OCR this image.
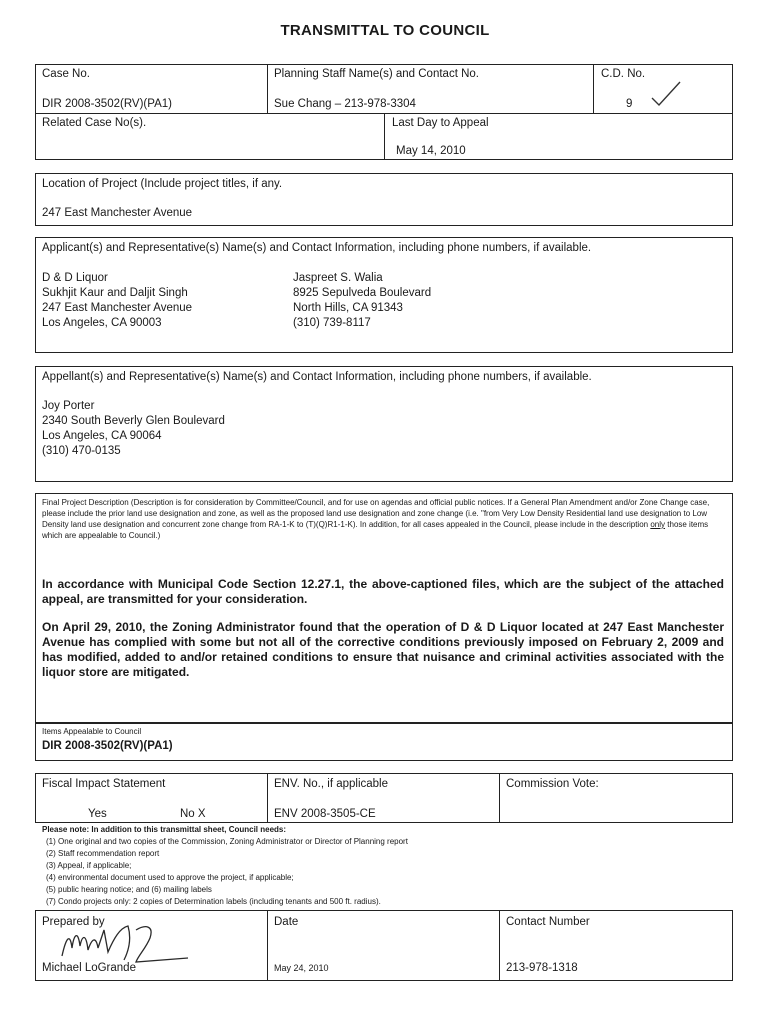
TRANSMITTAL TO COUNCIL
Case No.
DIR 2008-3502(RV)(PA1)
Planning Staff Name(s) and Contact No.
Sue Chang – 213-978-3304
C.D. No.
9
Related Case No(s).	Last Day to Appeal
May 14, 2010
Location of Project (Include project titles, if any.
247 East Manchester Avenue
Applicant(s) and Representative(s) Name(s) and Contact Information, including phone numbers, if available.
D & D Liquor
Sukhjit Kaur and Daljit Singh
247 East Manchester Avenue
Los Angeles, CA 90003
Jaspreet S. Walia
8925 Sepulveda Boulevard
North Hills, CA 91343
(310) 739-8117
Appellant(s) and Representative(s) Name(s) and Contact Information, including phone numbers, if available.
Joy Porter
2340 South Beverly Glen Boulevard
Los Angeles, CA 90064
(310) 470-0135
Final Project Description (Description is for consideration by Committee/Council, and for use on agendas and official public notices. If a General Plan Amendment and/or Zone Change case, please include the prior land use designation and zone, as well as the proposed land use designation and zone change (i.e. "from Very Low Density Residential land use designation to Low Density land use designation and concurrent zone change from RA-1-K to (T)(Q)R1-1-K). In addition, for all cases appealed in the Council, please include in the description only those items which are appealable to Council.)
In accordance with Municipal Code Section 12.27.1, the above-captioned files, which are the subject of the attached appeal, are transmitted for your consideration.
On April 29, 2010, the Zoning Administrator found that the operation of D & D Liquor located at 247 East Manchester Avenue has complied with some but not all of the corrective conditions previously imposed on February 2, 2009 and has modified, added to and/or retained conditions to ensure that nuisance and criminal activities associated with the liquor store are mitigated.
Items Appealable to Council
DIR 2008-3502(RV)(PA1)
Fiscal Impact Statement
Yes	No X
ENV. No., if applicable
ENV 2008-3505-CE
Commission Vote:
Please note: In addition to this transmittal sheet, Council needs:
(1) One original and two copies of the Commission, Zoning Administrator or Director of Planning report
(2) Staff recommendation report
(3) Appeal, if applicable;
(4) environmental document used to approve the project, if applicable;
(5) public hearing notice; and (6) mailing labels
(7) Condo projects only: 2 copies of Determination labels (including tenants and 500 ft. radius).
Prepared by
Michael LoGrande
Date
May 24, 2010
Contact Number
213-978-1318
